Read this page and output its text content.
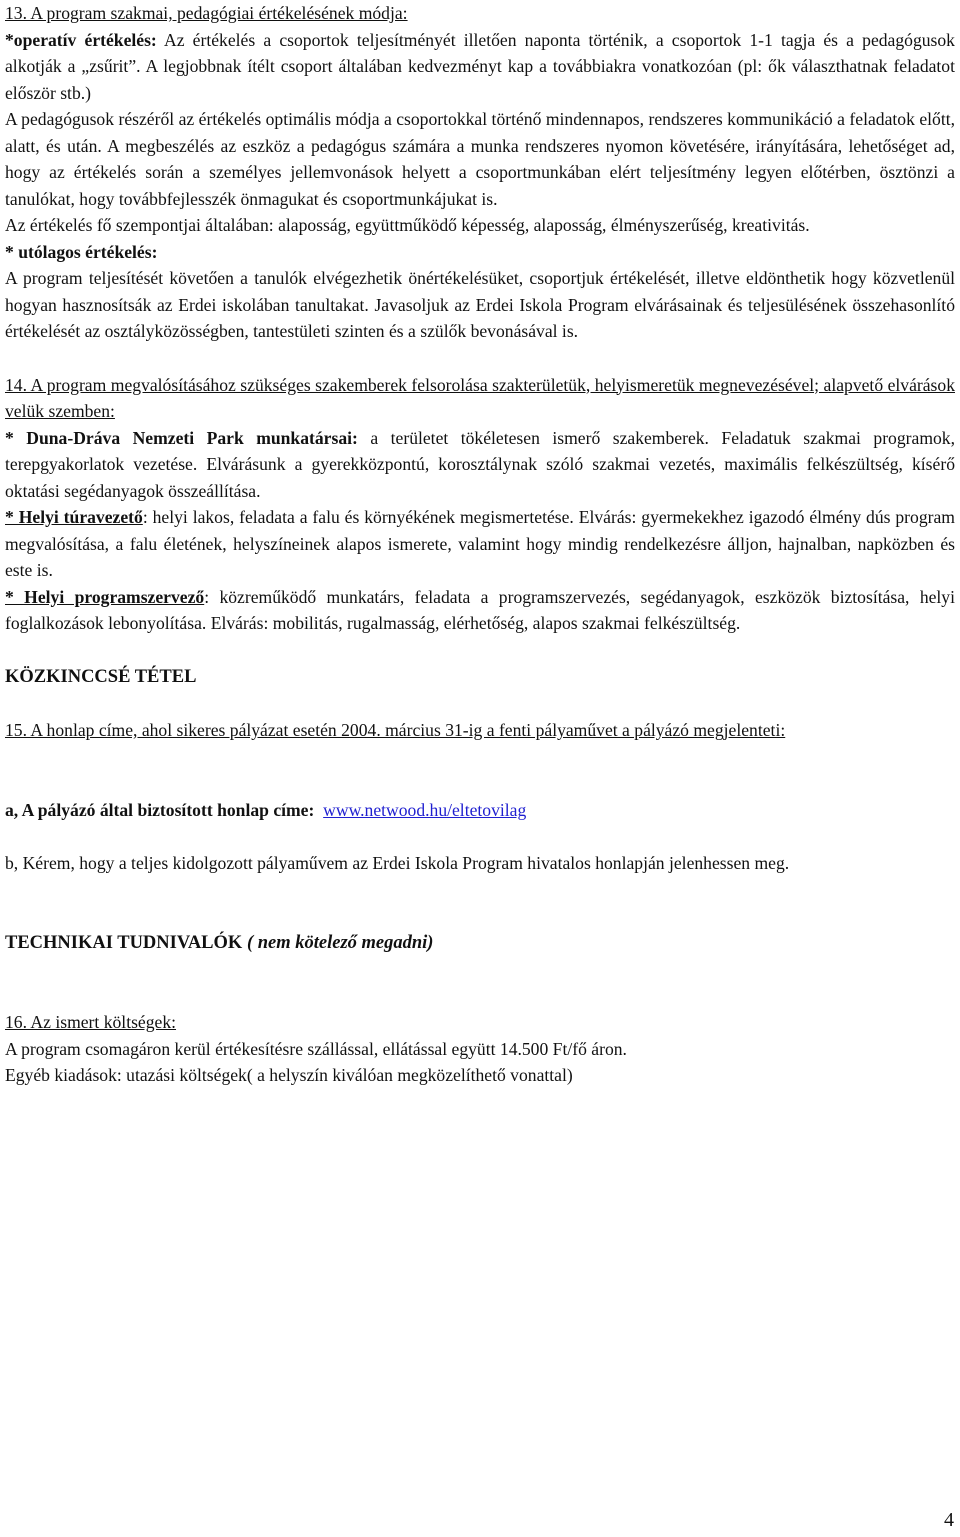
13. A program szakmai, pedagógiai értékelésének módja:

*operatív értékelés: Az értékelés a csoportok teljesítményét illetően naponta történik, a csoportok 1-1 tagja és a pedagógusok alkotják a „zsűrit”. A legjobbnak ítélt csoport általában kedvezményt kap a továbbiakra vonatkozóan (pl: ők választhatnak feladatot először stb.)

A pedagógusok részéről az értékelés optimális módja a csoportokkal történő mindennapos, rendszeres kommunikáció a feladatok előtt, alatt, és után. A megbeszélés az eszköz a pedagógus számára a munka rendszeres nyomon követésére, irányítására, lehetőséget ad, hogy az értékelés során a személyes jellemvonások helyett a csoportmunkában elért teljesítmény legyen előtérben, ösztönzi a tanulókat, hogy továbbfejlesszék önmagukat és csoportmunkájukat is.

Az értékelés fő szempontjai általában: alaposság, együttműködő képesség, alaposság, élményszerűség, kreativitás.

* utólagos értékelés:

A program teljesítését követően a tanulók elvégezhetik önértékelésüket, csoportjuk értékelését, illetve eldönthetik hogy közvetlenül hogyan hasznosítsák az Erdei iskolában tanultakat. Javasoljuk az Erdei Iskola Program elvárásainak és teljesülésének összehasonlító értékelését az osztályközösségben, tantestületi szinten és a szülők bevonásával is.

14. A program megvalósításához szükséges szakemberek felsorolása szakterületük, helyismeretük megnevezésével; alapvető elvárások velük szemben:

* Duna-Dráva Nemzeti Park munkatársai: a területet tökéletesen ismerő szakemberek. Feladatuk szakmai programok, terepgyakorlatok vezetése. Elvárásunk a gyerekközpontú, korosztálynak szóló szakmai vezetés, maximális felkészültség, kísérő oktatási segédanyagok összeállítása.

* Helyi túravezető: helyi lakos, feladata a falu és környékének megismertetése. Elvárás: gyermekekhez igazodó élmény dús program megvalósítása, a falu életének, helyszíneinek alapos ismerete, valamint hogy mindig rendelkezésre álljon, hajnalban, napközben és este is.

* Helyi programszervező: közreműködő munkatárs, feladata a programszervezés, segédanyagok, eszközök biztosítása, helyi foglalkozások lebonyolítása. Elvárás: mobilitás, rugalmasság, elérhetőség, alapos szakmai felkészültség.

KÖZKINCCSÉ TÉTEL

15. A honlap címe, ahol sikeres pályázat esetén 2004. március 31-ig a fenti pályaművet a pályázó megjelenteti:

a, A pályázó által biztosított honlap címe: www.netwood.hu/eltetovilag

b, Kérem, hogy a teljes kidolgozott pályaművem az Erdei Iskola Program hivatalos honlapján jelenhessen meg.

TECHNIKAI TUDNIVALÓK ( nem kötelező megadni)

16. Az ismert költségek:

A program csomagáron kerül értékesítésre szállással, ellátással együtt 14.500 Ft/fő áron.

Egyéb kiadások: utazási költségek( a helyszín kiválóan megközelíthető vonattal)

4
